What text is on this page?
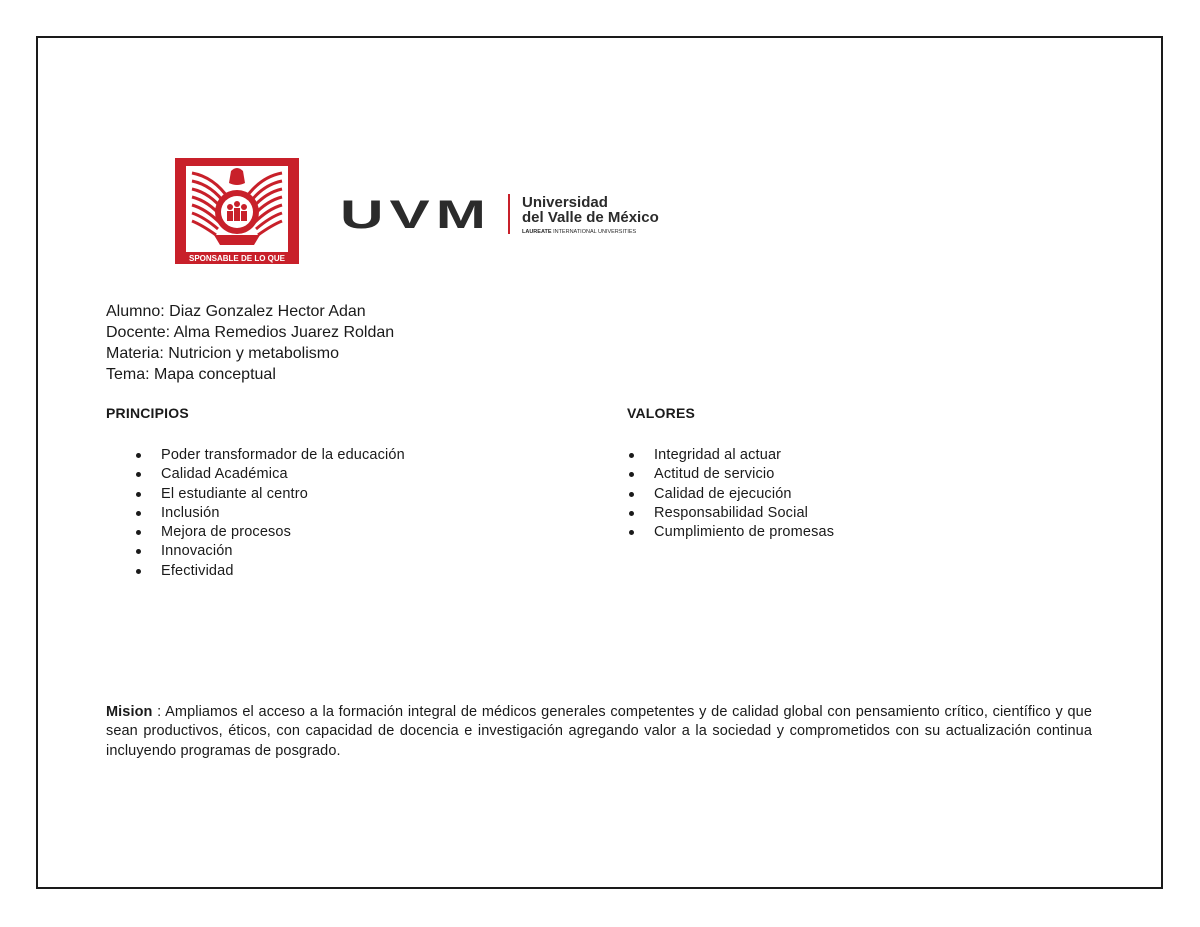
SPONSABLE DE LO QUE
UVM Universidad
del Valle de México
LAUREATE INTERNATIONAL UNIVERSITIES
Alumno: Diaz Gonzalez Hector Adan
Docente: Alma Remedios Juarez Roldan
Materia: Nutricion y metabolismo
Tema: Mapa conceptual
PRINCIPIOS
Poder transformador de la educación
Calidad Académica
El estudiante al centro
Inclusión
Mejora de procesos
Innovación
Efectividad
VALORES
Integridad al actuar
Actitud de servicio
Calidad de ejecución
Responsabilidad Social
Cumplimiento de promesas
Mision : Ampliamos el acceso a la formación integral de médicos generales competentes y de calidad global con pensamiento crítico, científico y que sean productivos, éticos, con capacidad de docencia e investigación agregando valor a la sociedad y comprometidos con su actualización continua incluyendo programas de posgrado.
